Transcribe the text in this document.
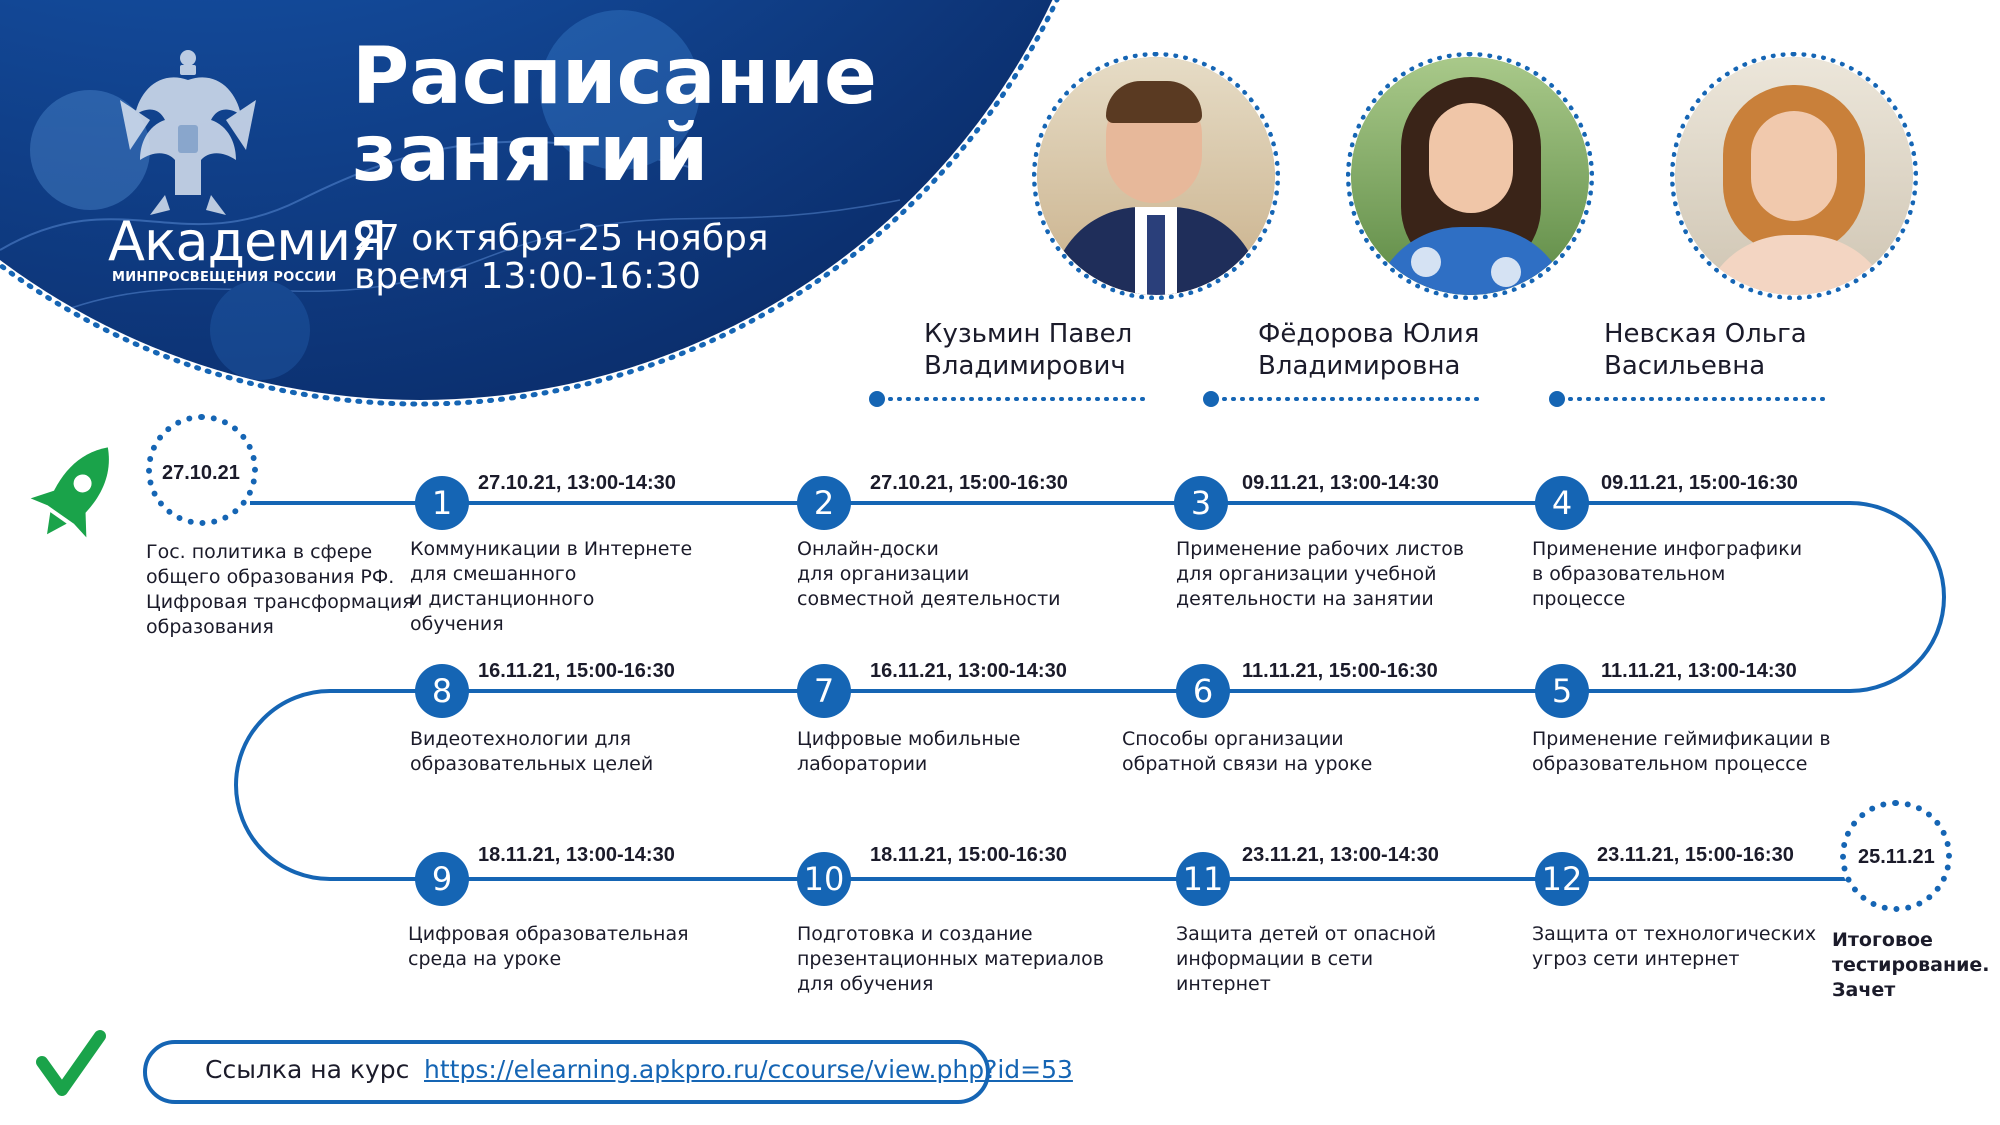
АкадемиЯ
МИНПРОСВЕЩЕНИЯ РОССИИ
Расписание
занятий
27 октября-25 ноября
время 13:00-16:30
Кузьмин Павел
Владимирович
Фёдорова Юлия
Владимировна
Невская Ольга
Васильевна
27.10.21
Гос. политика в сфере
общего образования РФ.
Цифровая трансформация
образования
25.11.21
Итоговое
тестирование.
Зачет
1
27.10.21, 13:00-14:30
Коммуникации в Интернете
для смешанного
и дистанционного
обучения
2
27.10.21, 15:00-16:30
Онлайн-доски
для организации
совместной деятельности
3
09.11.21, 13:00-14:30
Применение рабочих листов
для организации учебной
деятельности на занятии
4
09.11.21, 15:00-16:30
Применение инфографики
в образовательном
процессе
5
11.11.21, 13:00-14:30
Применение геймификации в
образовательном процессе
6
11.11.21, 15:00-16:30
Способы организации
обратной связи на уроке
7
16.11.21, 13:00-14:30
Цифровые мобильные
лаборатории
8
16.11.21, 15:00-16:30
Видеотехнологии для
образовательных целей
9
18.11.21, 13:00-14:30
Цифровая образовательная
среда на уроке
10
18.11.21, 15:00-16:30
Подготовка и создание
презентационных материалов
для обучения
11
23.11.21, 13:00-14:30
Защита детей от опасной
информации в сети
интернет
12
23.11.21, 15:00-16:30
Защита от технологических
угроз сети интернет
Ссылка на курс https://elearning.apkpro.ru/ccourse/view.php?id=53
